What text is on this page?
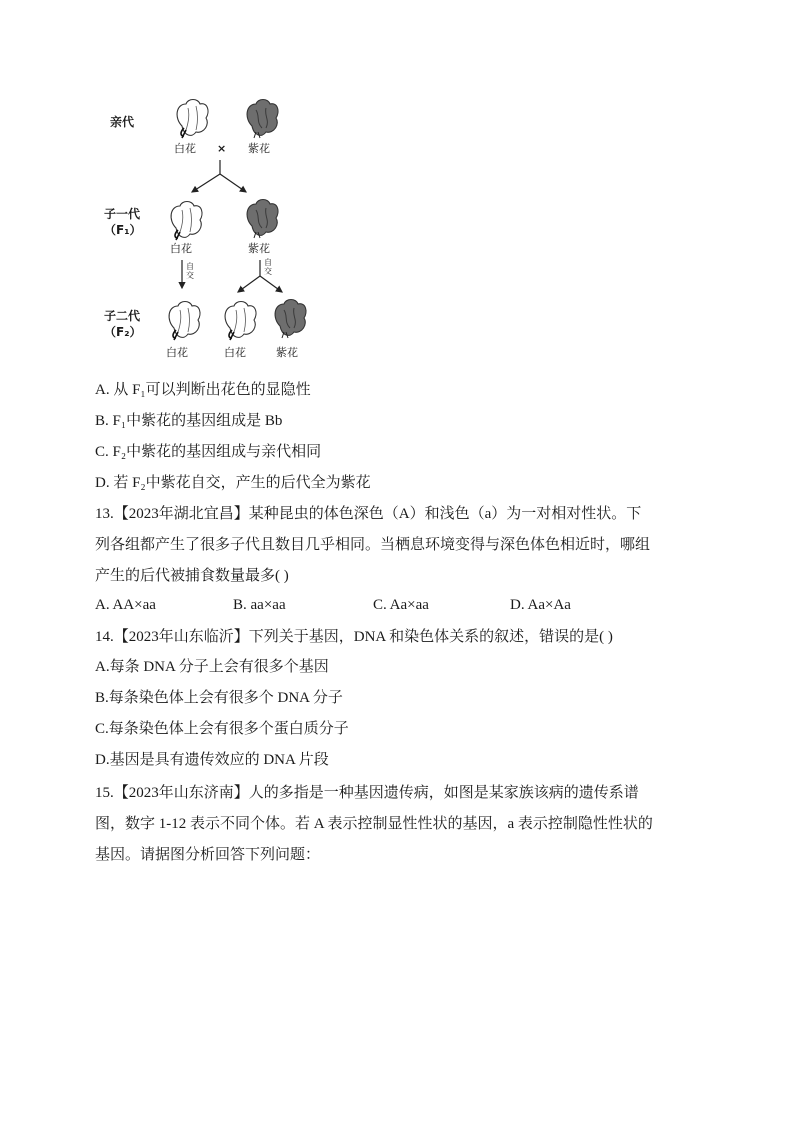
亲代
子一代
（F₁）
子二代
（F₂）
白花 × 紫花
白花	紫花
自交
自交
白花	白花	紫花
A. 从 F₁可以判断出花色的显隐性
B. F₁中紫花的基因组成是 Bb
C. F₂中紫花的基因组成与亲代相同
D. 若 F₂中紫花自交，产生的后代全为紫花
13.【2023年湖北宜昌】某种昆虫的体色深色（A）和浅色（a）为一对相对性状。下
列各组都产生了很多子代且数目几乎相同。当栖息环境变得与深色体色相近时，哪组
产生的后代被捕食数量最多( )
A. AA×aa	B. aa×aa	C. Aa×aa	D. Aa×Aa
14.【2023年山东临沂】下列关于基因，DNA 和染色体关系的叙述，错误的是( )
A.每条 DNA 分子上会有很多个基因
B.每条染色体上会有很多个 DNA 分子
C.每条染色体上会有很多个蛋白质分子
D.基因是具有遗传效应的 DNA 片段
15.【2023年山东济南】人的多指是一种基因遗传病，如图是某家族该病的遗传系谱
图，数字 1-12 表示不同个体。若 A 表示控制显性性状的基因，a 表示控制隐性性状的
基因。请据图分析回答下列问题：
